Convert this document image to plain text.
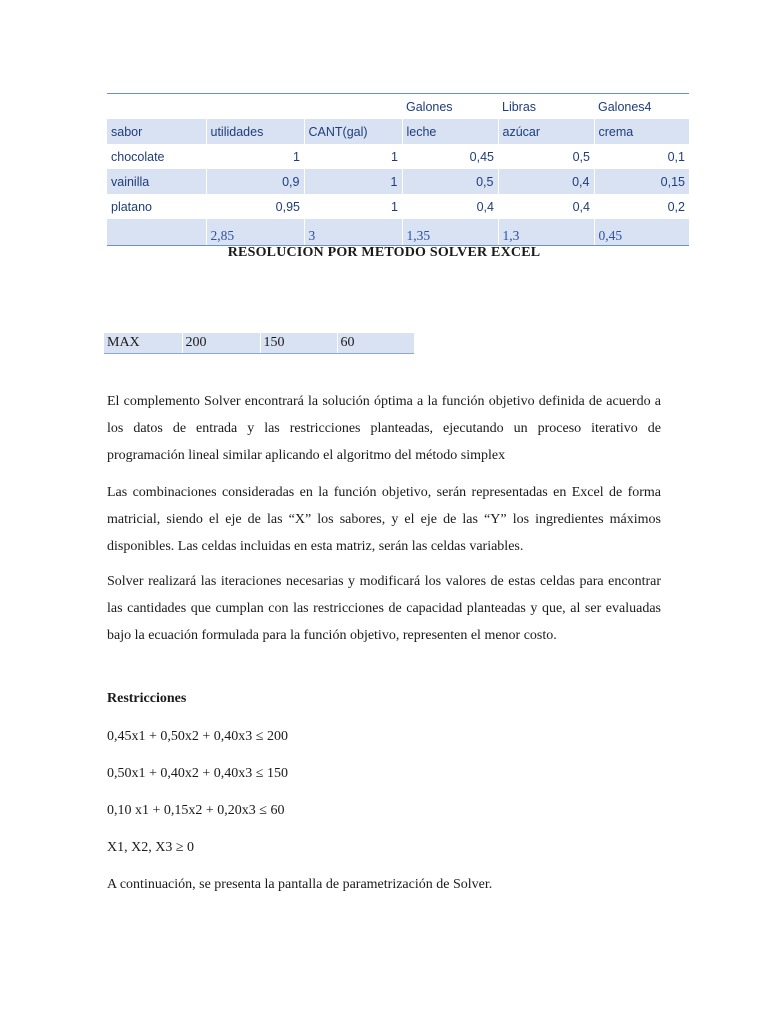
			Galones	Libras	Galones4
sabor	utilidades	CANT(gal)	leche	azúcar	crema
chocolate	1	1	0,45	0,5	0,1
vainilla	0,9	1	0,5	0,4	0,15
platano	0,95	1	0,4	0,4	0,2
	2,85	3	1,35	1,3	0,45
RESOLUCION POR METODO SOLVER EXCEL
MAX	200	150	60

El complemento Solver encontrará la solución óptima a la función objetivo definida de acuerdo a los datos de entrada y las restricciones planteadas, ejecutando un proceso iterativo de programación lineal similar aplicando el algoritmo del método simplex

Las combinaciones consideradas en la función objetivo, serán representadas en Excel de forma matricial, siendo el eje de las “X” los sabores, y el eje de las “Y” los ingredientes máximos disponibles. Las celdas incluidas en esta matriz, serán las celdas variables.

Solver realizará las iteraciones necesarias y modificará los valores de estas celdas para encontrar las cantidades que cumplan con las restricciones de capacidad planteadas y que, al ser evaluadas bajo la ecuación formulada para la función objetivo, representen el menor costo.

Restricciones
0,45x1 + 0,50x2 + 0,40x3 ≤ 200
0,50x1 + 0,40x2 + 0,40x3 ≤ 150
0,10 x1 + 0,15x2 + 0,20x3 ≤ 60
X1, X2, X3 ≥ 0
A continuación, se presenta la pantalla de parametrización de Solver.
